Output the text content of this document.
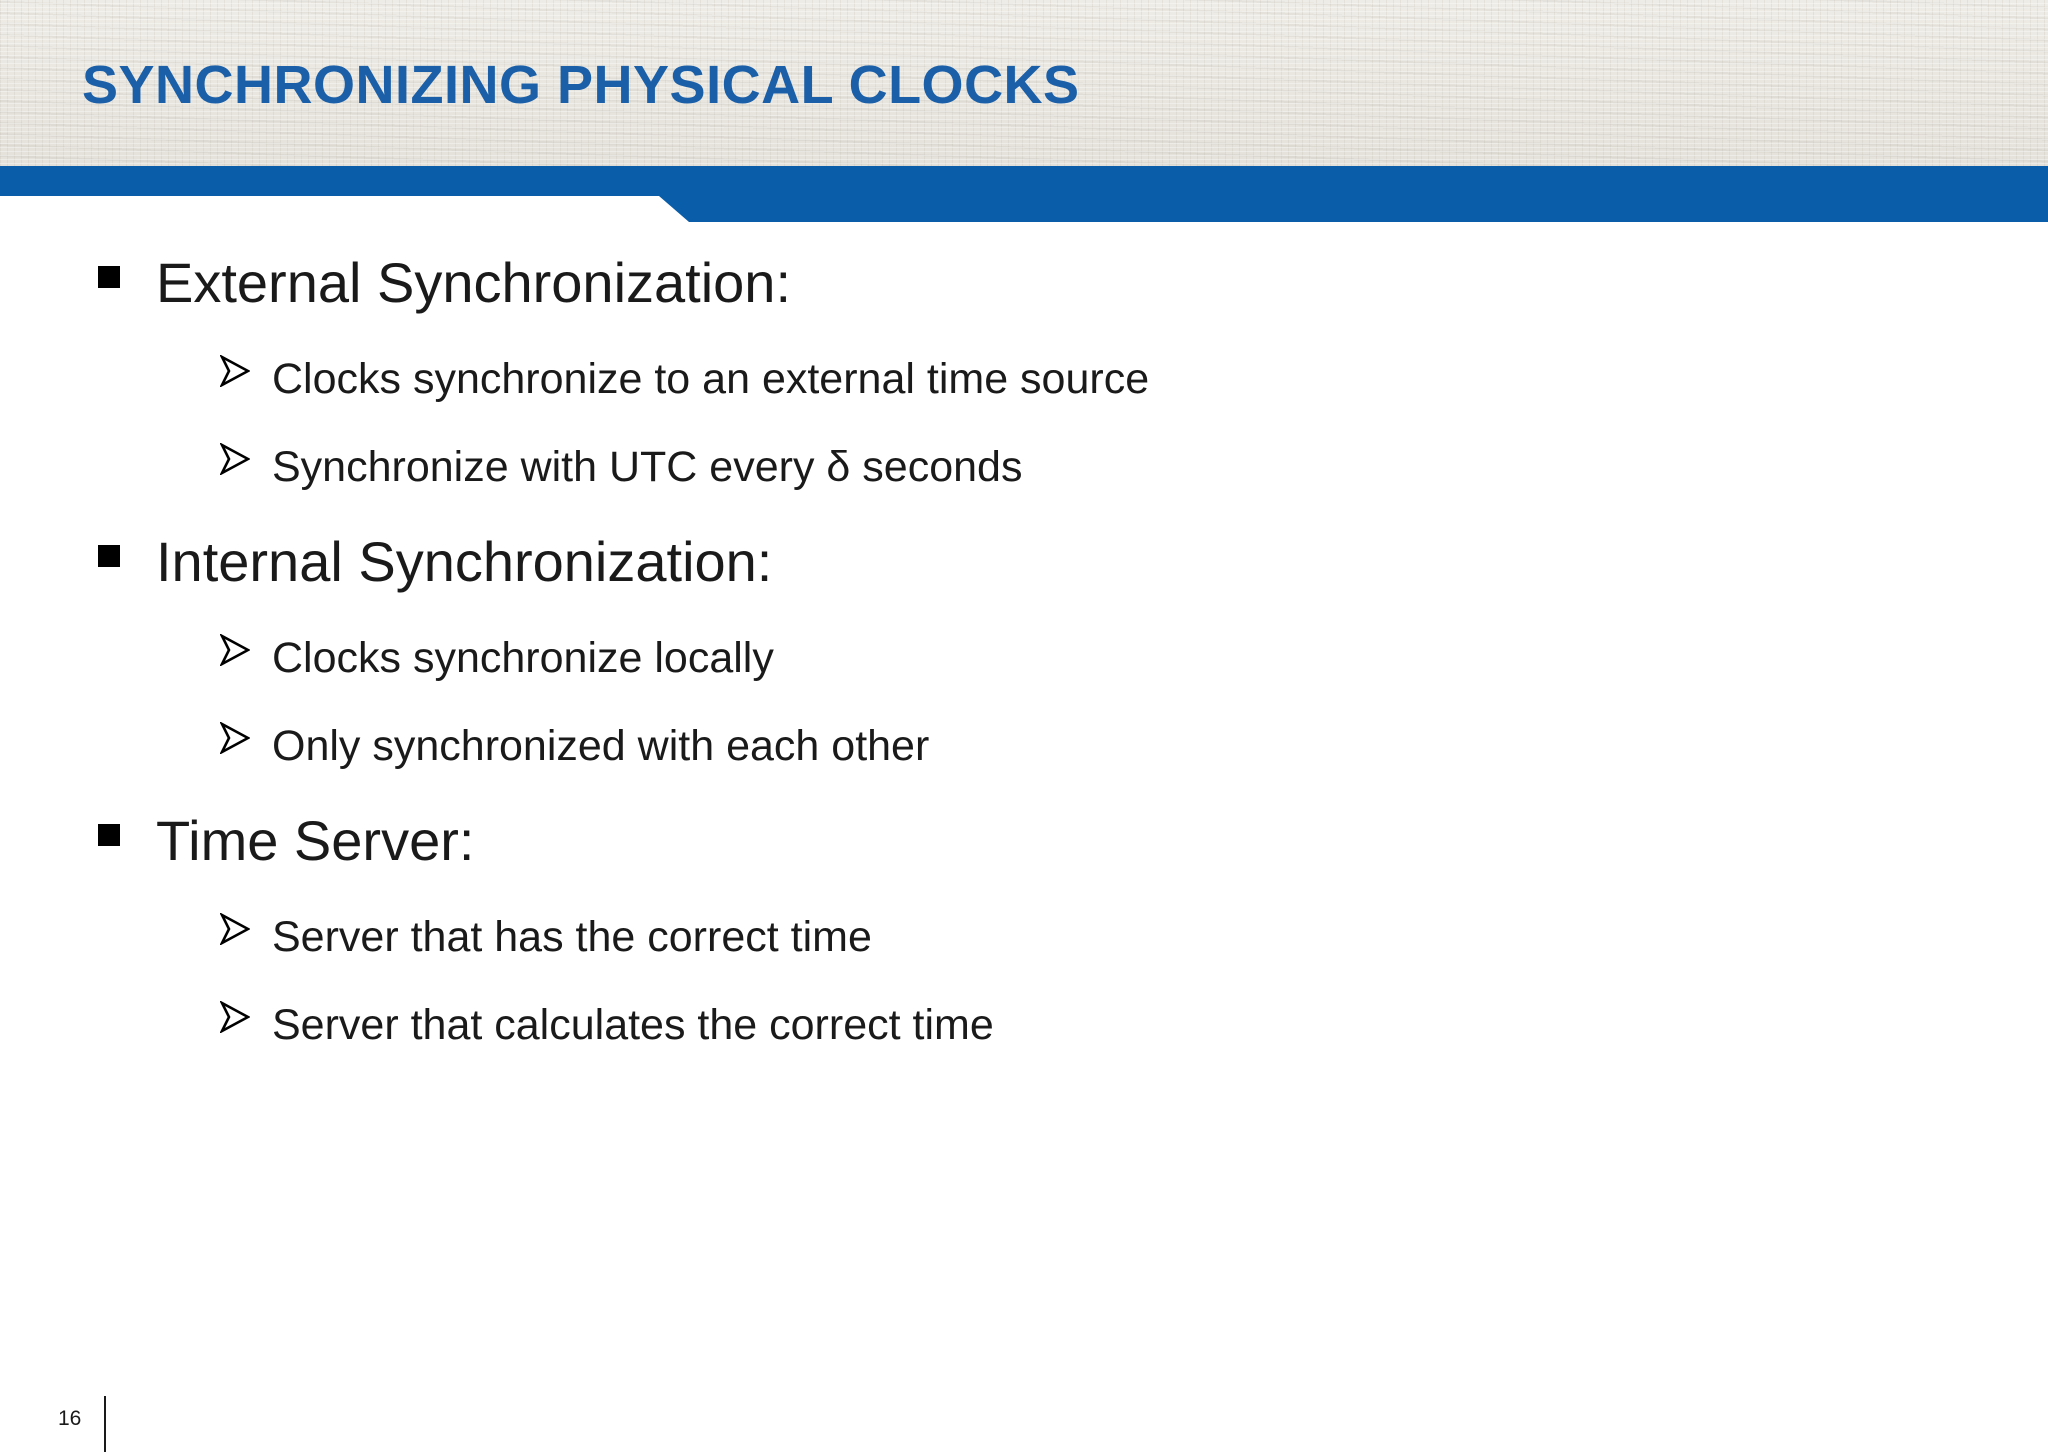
SYNCHRONIZING PHYSICAL CLOCKS
External Synchronization:
Clocks synchronize to an external time source
Synchronize with UTC every δ seconds
Internal Synchronization:
Clocks synchronize locally
Only synchronized with each other
Time Server:
Server that has the correct time
Server that calculates the correct time
16
